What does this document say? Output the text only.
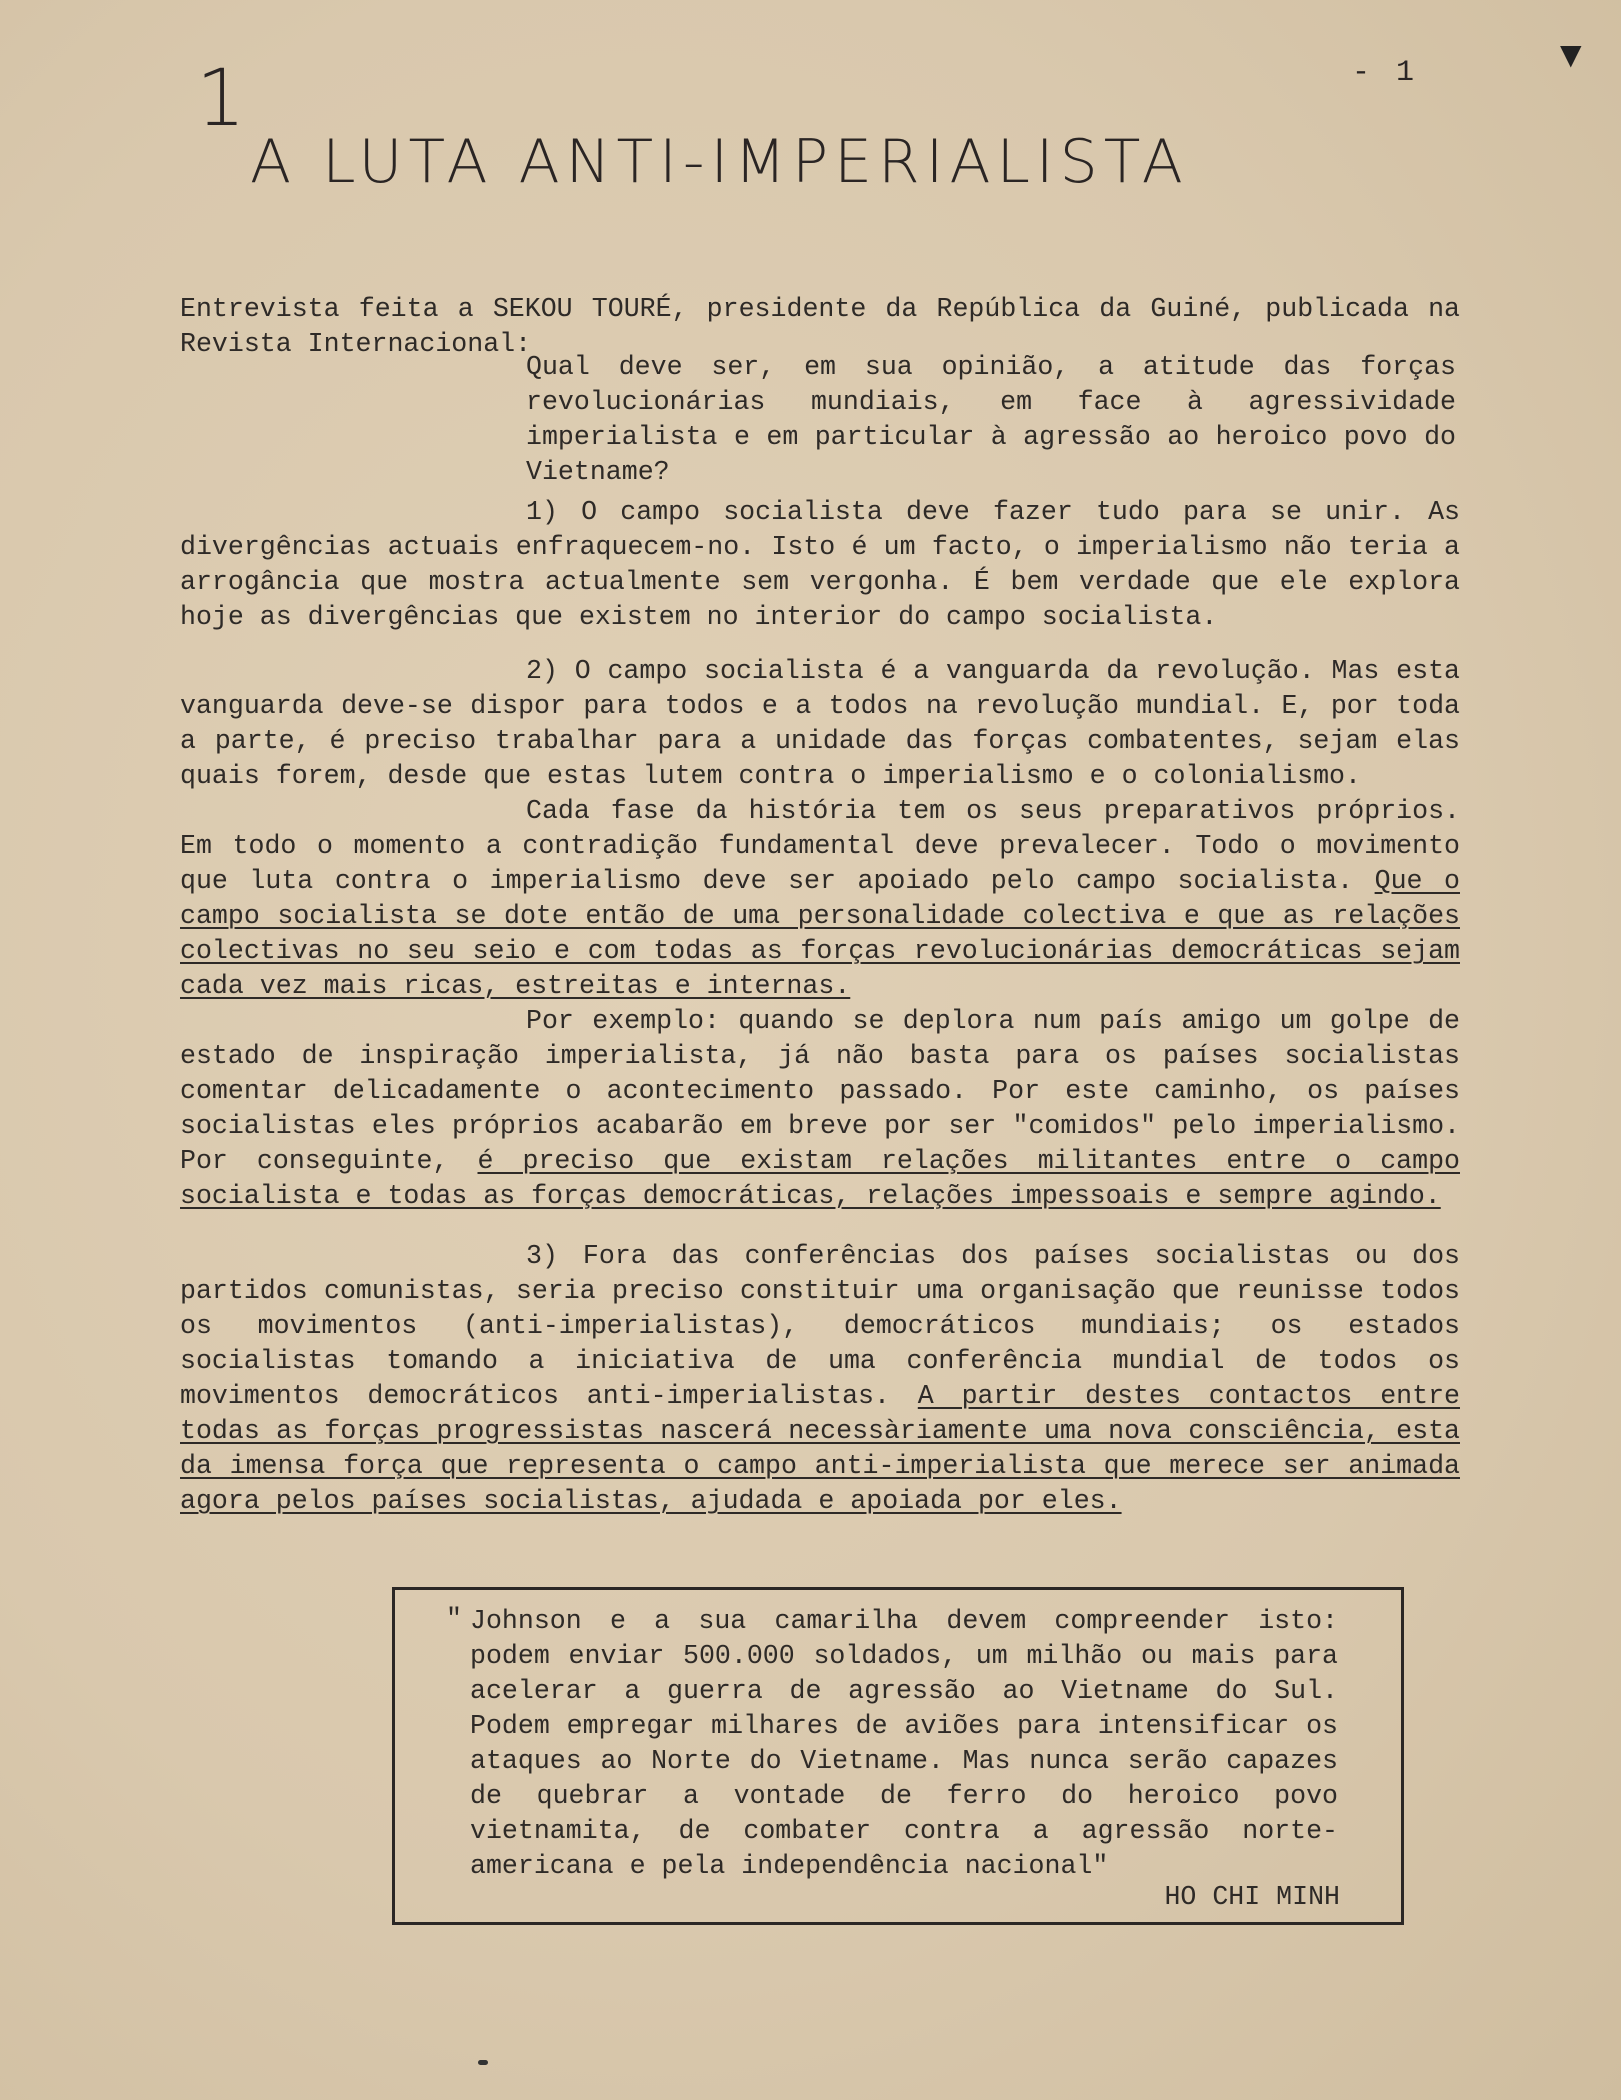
1	- 1
▼
A LUTA ANTI-IMPERIALISTA

Entrevista feita a SEKOU TOURÉ, presidente da República da Guiné, publicada na Revista Internacional:

Qual deve ser, em sua opinião, a atitude das forças revolucionárias mundiais, em face à agressividade imperialista e em particular à agressão ao heroico povo do Vietname?

1) O campo socialista deve fazer tudo para se unir. As divergências actuais enfraquecem-no. Isto é um facto, o imperialismo não teria a arrogância que mostra actualmente sem vergonha. É bem verdade que ele explora hoje as divergências que existem no interior do campo socialista.

2) O campo socialista é a vanguarda da revolução. Mas esta vanguarda deve-se dispor para todos e a todos na revolução mundial. E, por toda a parte, é preciso trabalhar para a unidade das forças combatentes, sejam elas quais forem, desde que estas lutem contra o imperialismo e o colonialismo.

Cada fase da história tem os seus preparativos próprios. Em todo o momento a contradição fundamental deve prevalecer. Todo o movimento que luta contra o imperialismo deve ser apoiado pelo campo socialista. Que o campo socialista se dote então de uma personalidade colectiva e que as relações colectivas no seu seio e com todas as forças revolucionárias democráticas sejam cada vez mais ricas, estreitas e internas.

Por exemplo: quando se deplora num país amigo um golpe de estado de inspiração imperialista, já não basta para os países socialistas comentar delicadamente o acontecimento passado. Por este caminho, os países socialistas eles próprios acabarão em breve por ser "comidos" pelo imperialismo. Por conseguinte, é preciso que existam relações militantes entre o campo socialista e todas as forças democráticas, relações impessoais e sempre agindo.

3) Fora das conferências dos países socialistas ou dos partidos comunistas, seria preciso constituir uma organisação que reunisse todos os movimentos (anti-imperialistas), democráticos mundiais; os estados socialistas tomando a iniciativa de uma conferência mundial de todos os movimentos democráticos anti-imperialistas. A partir destes contactos entre todas as forças progressistas nascerá necessàriamente uma nova consciência, esta da imensa força que representa o campo anti-imperialista que merece ser animada agora pelos países socialistas, ajudada e apoiada por eles.

" Johnson e a sua camarilha devem compreender isto: podem enviar 500.000 soldados, um milhão ou mais para acelerar a guerra de agressão ao Vietname do Sul. Podem empregar milhares de aviões para intensificar os ataques ao Norte do Vietname. Mas nunca serão capazes de quebrar a vontade de ferro do heroico povo vietnamita, de combater contra a agressão norte-americana e pela independência nacional"
HO CHI MINH
